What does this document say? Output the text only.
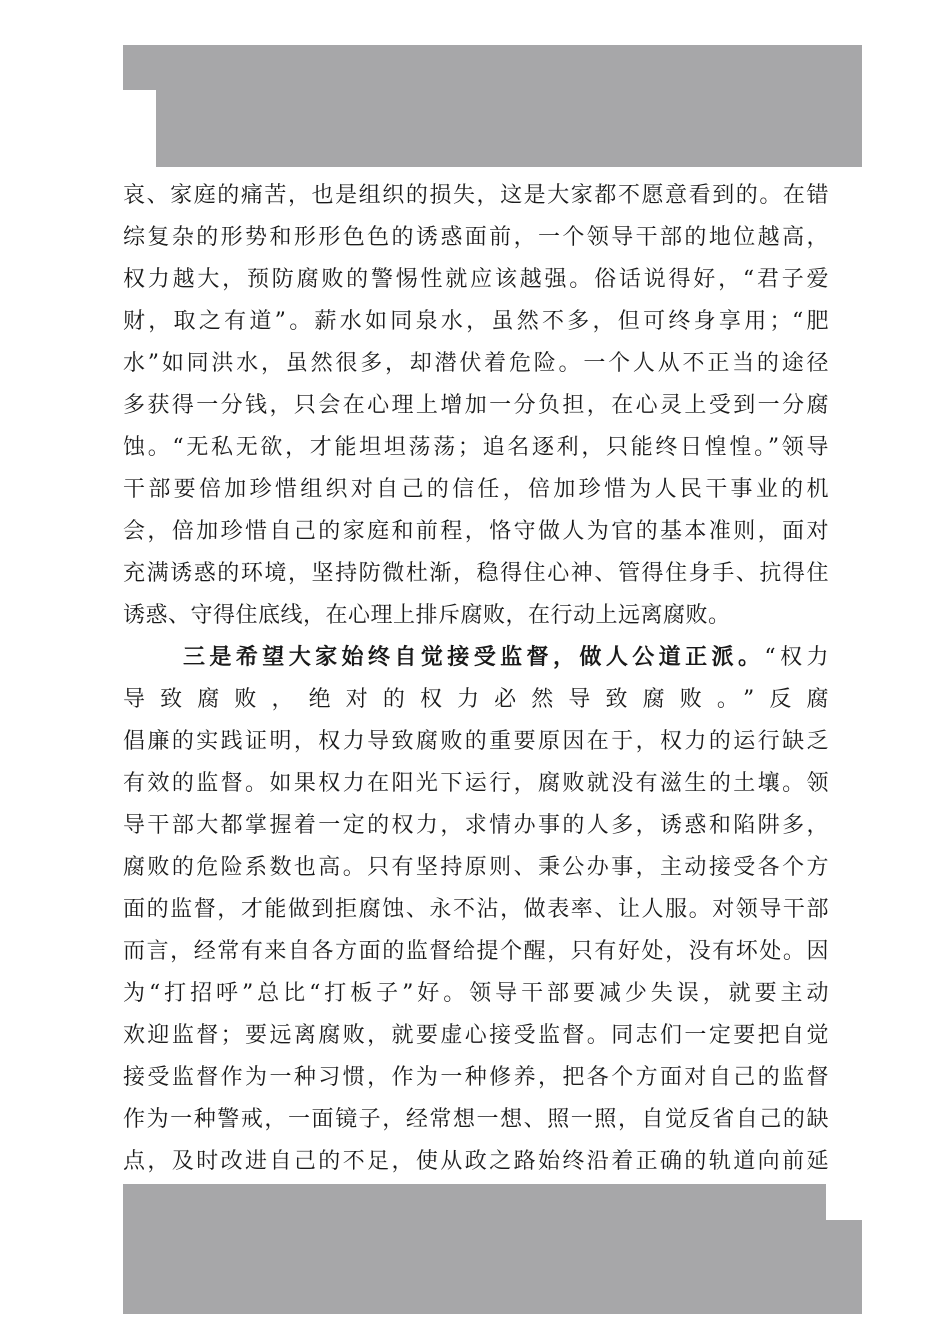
哀、家庭的痛苦，也是组织的损失，这是大家都不愿意看到的。在错
综复杂的形势和形形色色的诱惑面前，一个领导干部的地位越高，
权力越大，预防腐败的警惕性就应该越强。俗话说得好，“君子爱
财，取之有道”。薪水如同泉水，虽然不多，但可终身享用；“肥
水”如同洪水，虽然很多，却潜伏着危险。一个人从不正当的途径
多获得一分钱，只会在心理上增加一分负担，在心灵上受到一分腐
蚀。“无私无欲，才能坦坦荡荡；追名逐利，只能终日惶惶。”领导
干部要倍加珍惜组织对自己的信任，倍加珍惜为人民干事业的机
会，倍加珍惜自己的家庭和前程，恪守做人为官的基本准则，面对
充满诱惑的环境，坚持防微杜渐，稳得住心神、管得住身手、抗得住
诱惑、守得住底线，在心理上排斥腐败，在行动上远离腐败。
三是希望大家始终自觉接受监督，做人公道正派。“权力
导致腐败，绝对的权力必然导致腐败。”反腐
倡廉的实践证明，权力导致腐败的重要原因在于，权力的运行缺乏
有效的监督。如果权力在阳光下运行，腐败就没有滋生的土壤。领
导干部大都掌握着一定的权力，求情办事的人多，诱惑和陷阱多，
腐败的危险系数也高。只有坚持原则、秉公办事，主动接受各个方
面的监督，才能做到拒腐蚀、永不沾，做表率、让人服。对领导干部
而言，经常有来自各方面的监督给提个醒，只有好处，没有坏处。因
为“打招呼”总比“打板子”好。领导干部要减少失误，就要主动
欢迎监督；要远离腐败，就要虚心接受监督。同志们一定要把自觉
接受监督作为一种习惯，作为一种修养，把各个方面对自己的监督
作为一种警戒，一面镜子，经常想一想、照一照，自觉反省自己的缺
点，及时改进自己的不足，使从政之路始终沿着正确的轨道向前延
